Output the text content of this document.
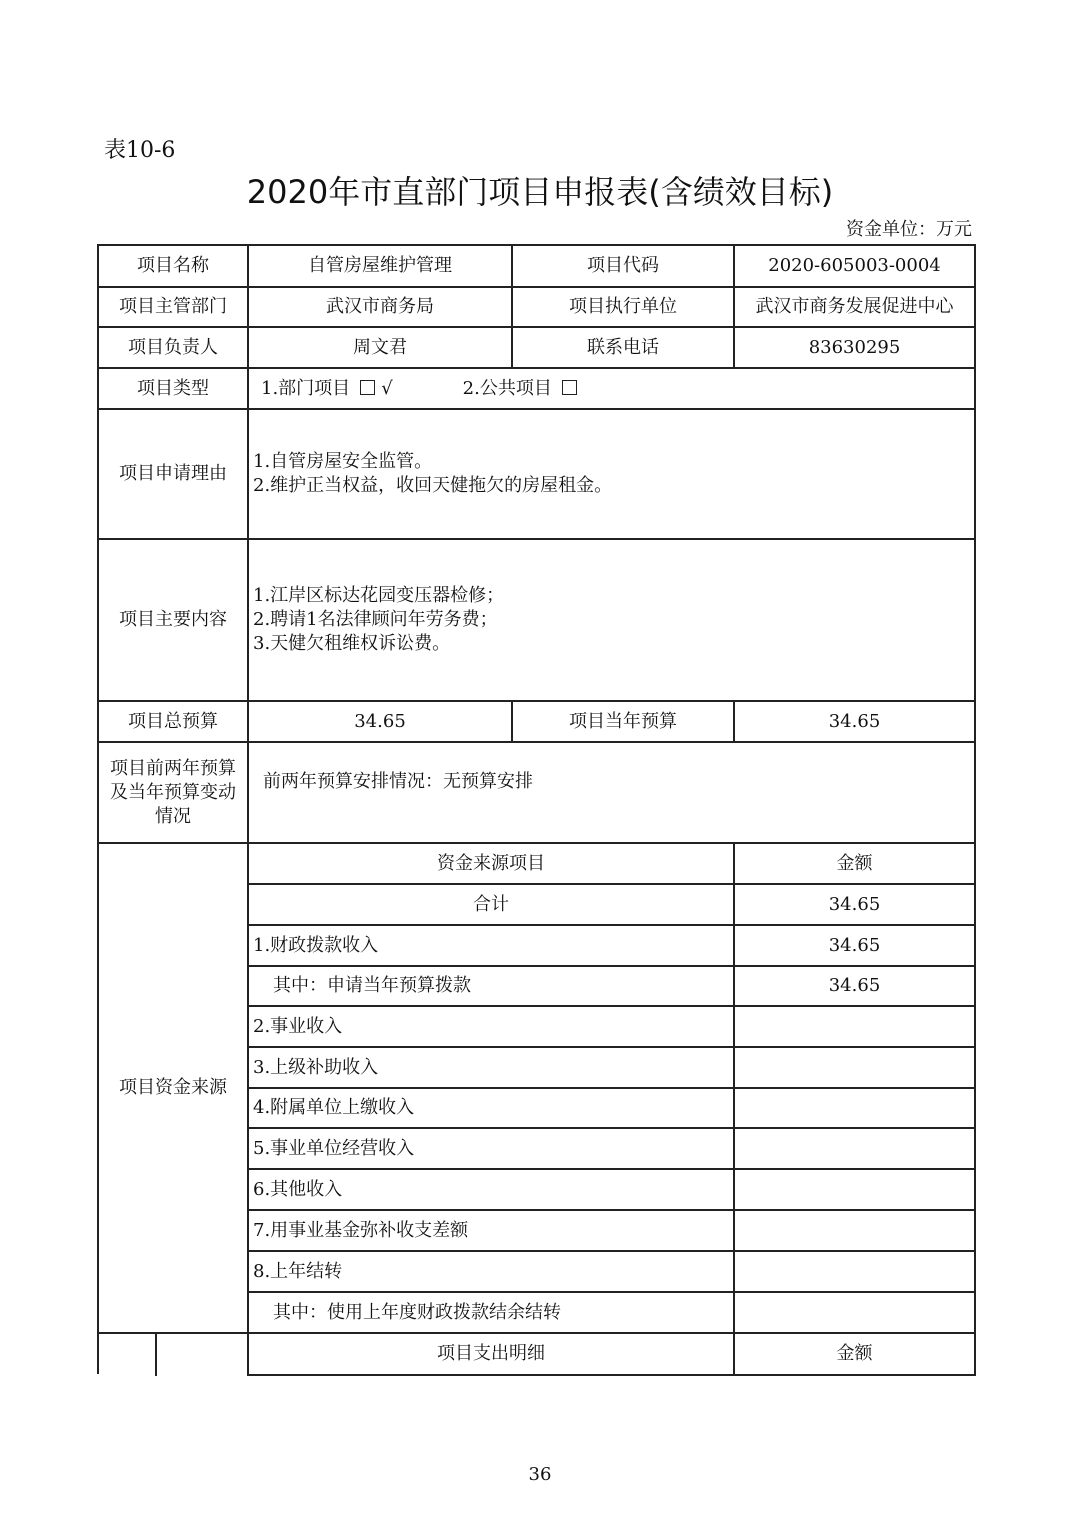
表10-6
2020年市直部门项目申报表(含绩效目标)
资金单位：万元
项目名称	自管房屋维护管理	项目代码	2020-605003-0004
项目主管部门	武汉市商务局	项目执行单位	武汉市商务发展促进中心
项目负责人	周文君	联系电话	83630295
项目类型	1.部门项目 √	2.公共项目
项目申请理由
1.自管房屋安全监管。
2.维护正当权益，收回天健拖欠的房屋租金。
项目主要内容
1.江岸区标达花园变压器检修；
2.聘请1名法律顾问年劳务费；
3.天健欠租维权诉讼费。
项目总预算	34.65	项目当年预算	34.65
项目前两年预算及当年预算变动情况
前两年预算安排情况：无预算安排
项目资金来源
资金来源项目	金额
合计	34.65
1.财政拨款收入	34.65
其中：申请当年预算拨款	34.65
2.事业收入
3.上级补助收入
4.附属单位上缴收入
5.事业单位经营收入
6.其他收入
7.用事业基金弥补收支差额
8.上年结转
其中：使用上年度财政拨款结余结转
项目支出明细	金额
36
